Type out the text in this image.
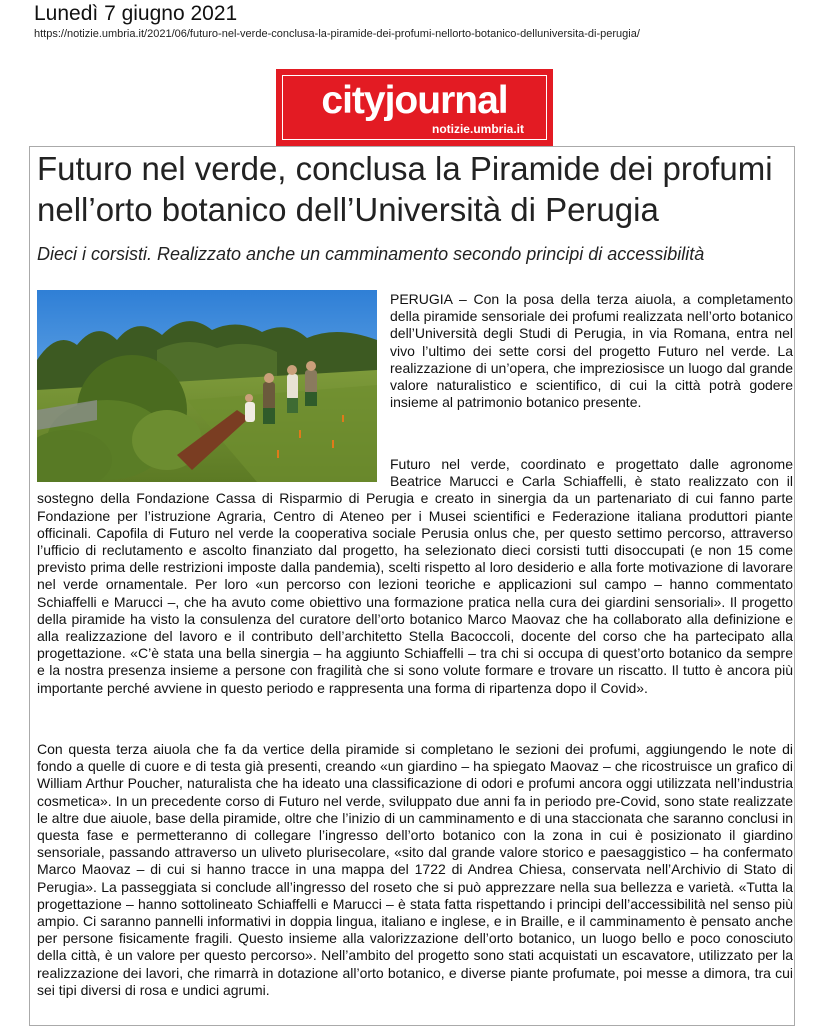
Lunedì 7 giugno 2021
https://notizie.umbria.it/2021/06/futuro-nel-verde-conclusa-la-piramide-dei-profumi-nellorto-botanico-delluniversita-di-perugia/
cityjournal
notizie.umbria.it
Futuro nel verde, conclusa la Piramide dei profumi nell’orto botanico dell’Università di Perugia
Dieci i corsisti. Realizzato anche un camminamento secondo principi di accessibilità

PERUGIA – Con la posa della terza aiuola, a completamento della piramide sensoriale dei profumi realizzata nell’orto botanico dell’Università degli Studi di Perugia, in via Romana, entra nel vivo l’ultimo dei sette corsi del progetto Futuro nel verde. La realizzazione di un’opera, che impreziosisce un luogo dal grande valore naturalistico e scientifico, di cui la città potrà godere insieme al patrimonio botanico presente.

Futuro nel verde, coordinato e progettato dalle agronome Beatrice Marucci e Carla Schiaffelli, è stato realizzato con il sostegno della Fondazione Cassa di Risparmio di Perugia e creato in sinergia da un partenariato di cui fanno parte Fondazione per l’istruzione Agraria, Centro di Ateneo per i Musei scientifici e Federazione italiana produttori piante officinali. Capofila di Futuro nel verde la cooperativa sociale Perusia onlus che, per questo settimo percorso, attraverso l’ufficio di reclutamento e ascolto finanziato dal progetto, ha selezionato dieci corsisti tutti disoccupati (e non 15 come previsto prima delle restrizioni imposte dalla pandemia), scelti rispetto al loro desiderio e alla forte motivazione di lavorare nel verde ornamentale. Per loro «un percorso con lezioni teoriche e applicazioni sul campo – hanno commentato Schiaffelli e Marucci –, che ha avuto come obiettivo una formazione pratica nella cura dei giardini sensoriali». Il progetto della piramide ha visto la consulenza del curatore dell’orto botanico Marco Maovaz che ha collaborato alla definizione e alla realizzazione del lavoro e il contributo dell’architetto Stella Bacoccoli, docente del corso che ha partecipato alla progettazione. «C’è stata una bella sinergia – ha aggiunto Schiaffelli – tra chi si occupa di quest’orto botanico da sempre e la nostra presenza insieme a persone con fragilità che si sono volute formare e trovare un riscatto. Il tutto è ancora più importante perché avviene in questo periodo e rappresenta una forma di ripartenza dopo il Covid».

Con questa terza aiuola che fa da vertice della piramide si completano le sezioni dei profumi, aggiungendo le note di fondo a quelle di cuore e di testa già presenti, creando «un giardino – ha spiegato Maovaz – che ricostruisce un grafico di William Arthur Poucher, naturalista che ha ideato una classificazione di odori e profumi ancora oggi utilizzata nell’industria cosmetica». In un precedente corso di Futuro nel verde, sviluppato due anni fa in periodo pre-Covid, sono state realizzate le altre due aiuole, base della piramide, oltre che l’inizio di un camminamento e di una staccionata che saranno conclusi in questa fase e permetteranno di collegare l’ingresso dell’orto botanico con la zona in cui è posizionato il giardino sensoriale, passando attraverso un uliveto plurisecolare, «sito dal grande valore storico e paesaggistico – ha confermato Marco Maovaz – di cui si hanno tracce in una mappa del 1722 di Andrea Chiesa, conservata nell’Archivio di Stato di Perugia». La passeggiata si conclude all’ingresso del roseto che si può apprezzare nella sua bellezza e varietà. «Tutta la progettazione – hanno sottolineato Schiaffelli e Marucci – è stata fatta rispettando i principi dell’accessibilità nel senso più ampio. Ci saranno pannelli informativi in doppia lingua, italiano e inglese, e in Braille, e il camminamento è pensato anche per persone fisicamente fragili. Questo insieme alla valorizzazione dell’orto botanico, un luogo bello e poco conosciuto della città, è un valore per questo percorso». Nell’ambito del progetto sono stati acquistati un escavatore, utilizzato per la realizzazione dei lavori, che rimarrà in dotazione all’orto botanico, e diverse piante profumate, poi messe a dimora, tra cui sei tipi diversi di rosa e undici agrumi.
